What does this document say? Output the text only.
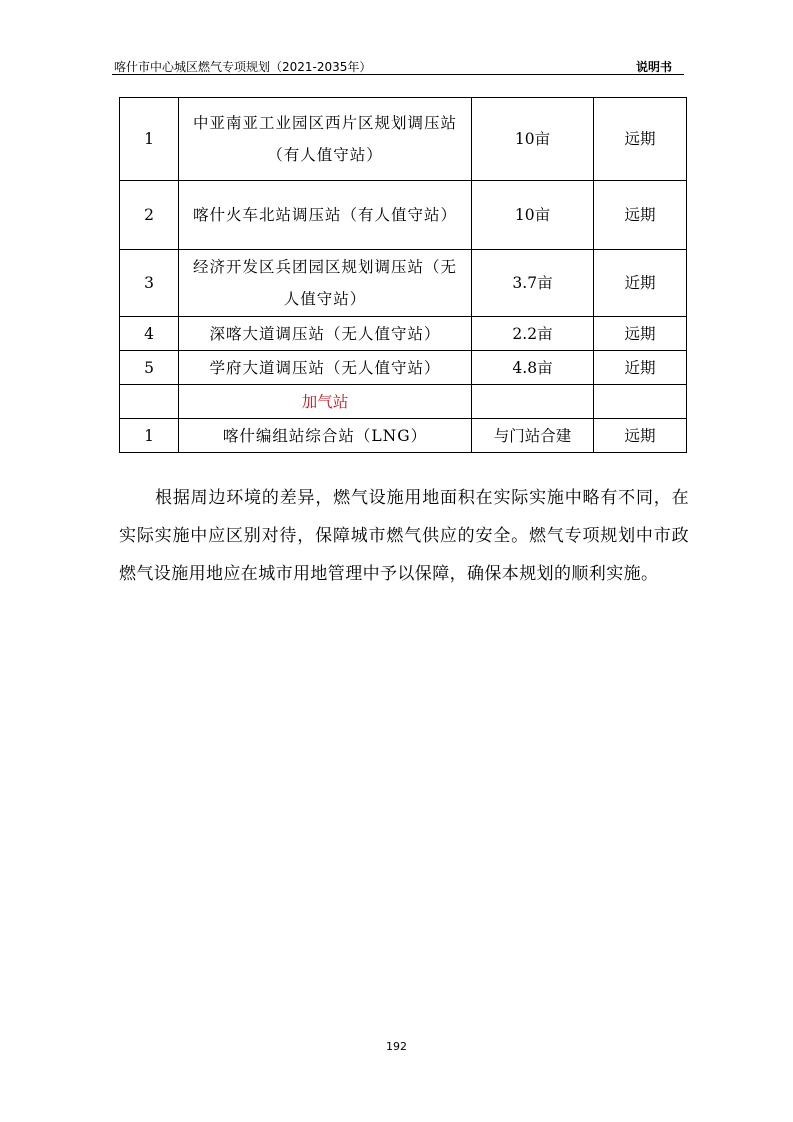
喀什市中心城区燃气专项规划（2021-2035年）	说明书
1	中亚南亚工业园区西片区规划调压站（有人值守站）	10亩	远期
2	喀什火车北站调压站（有人值守站）	10亩	远期
3	经济开发区兵团园区规划调压站（无人值守站）	3.7亩	近期
4	深喀大道调压站（无人值守站）	2.2亩	远期
5	学府大道调压站（无人值守站）	4.8亩	近期
	加气站		
1	喀什编组站综合站（LNG）	与门站合建	远期

根据周边环境的差异，燃气设施用地面积在实际实施中略有不同，在实际实施中应区别对待，保障城市燃气供应的安全。燃气专项规划中市政燃气设施用地应在城市用地管理中予以保障，确保本规划的顺利实施。

192
